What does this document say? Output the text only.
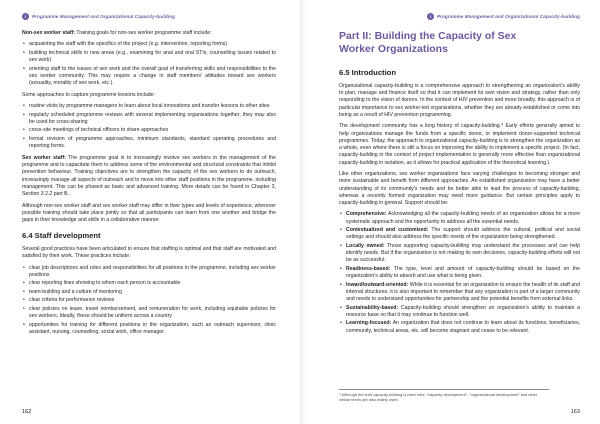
i	Programme Management and Organizational Capacity-building

Non-sex worker staff: Training goals for non-sex worker programme staff include:

• acquainting the staff with the specifics of the project (e.g. intervention, reporting forms)
• building technical skills in new areas (e.g., examining for anal and oral STIs, counselling issues related to sex work)
• orienting staff to the issues of sex work and the overall goal of transferring skills and responsibilities to the sex worker community. This may require a change in staff members' attitudes toward sex workers (sexuality, morality of sex work, etc.).

Some approaches to capture programme lessons include:

• routine visits by programme managers to learn about local innovations and transfer lessons to other sites
• regularly scheduled programme reviews with several implementing organizations together; they may also be used for cross-sharing
• cross-site meetings of technical officers to share approaches
• formal revision of programme approaches, minimum standards, standard operating procedures and reporting forms.

Sex worker staff: The programme goal is to increasingly involve sex workers in the management of the programme and to capacitate them to address some of the environmental and structural constraints that inhibit prevention behaviour. Training objectives are to strengthen the capacity of the sex workers to do outreach, increasingly manage all aspects of outreach and to move into other staff positions in the programme, including management. This can be phased as basic and advanced training. More details can be found in Chapter 3, Section 3.2.2 part B.

Although non-sex worker staff and sex worker staff may differ in their types and levels of experience, wherever possible training should take place jointly so that all participants can learn from one another and bridge the gaps in their knowledge and skills in a collaborative manner.

6.4 Staff development

Several good practices have been articulated to ensure that staffing is optimal and that staff are motivated and satisfied by their work. These practices include:

• clear job descriptions and roles and responsibilities for all positions in the programme, including sex worker positions
• clear reporting lines showing to whom each person is accountable
• team-building and a culture of mentoring
• clear criteria for performance reviews
• clear policies on leave, travel reimbursement, and remuneration for work, including equitable policies for sex workers. Ideally, these should be uniform across a country
• opportunities for training for different positions in the organization, such as outreach supervisor, clinic assistant, nursing, counselling, social work, office manager.
162
i	Programme Management and Organizational Capacity-building
Part II: Building the Capacity of Sex Worker Organizations
6.5 Introduction

Organizational capacity-building is a comprehensive approach to strengthening an organization's ability to plan, manage and finance itself so that it can implement its own vision and strategy, rather than only responding to the vision of donors. In the context of HIV prevention and more broadly, this approach is of particular importance to sex worker-led organizations, whether they are already established or come into being as a result of HIV prevention programming.

The development community has a long history of capacity-building.⁹ Early efforts generally aimed to help organizations manage the funds from a specific donor, or implement donor-supported technical programmes. Today, the approach to organizational capacity-building is to strengthen the organization as a whole, even where there is still a focus on improving the ability to implement a specific project. (In fact, capacity-building in the context of project implementation is generally more effective than organizational capacity-building in isolation, as it allows for practical application of the theoretical learning.)

Like other organizations, sex worker organizations face varying challenges to becoming stronger and more sustainable and benefit from different approaches. An established organization may have a better understanding of its community's needs and be better able to lead the process of capacity-building, whereas a recently formed organization may need more guidance. But certain principles apply to capacity-building in general. Support should be:

• Comprehensive: Acknowledging all the capacity-building needs of an organization allows for a more systematic approach and the opportunity to address all the essential needs.
• Contextualized and customized: The support should address the cultural, political and social settings and should also address the specific needs of the organization being strengthened.
• Locally owned: Those supporting capacity-building may understand the processes and can help identify needs. But if the organization is not making its own decisions, capacity-building efforts will not be as successful.
• Readiness-based: The type, level and amount of capacity-building should be based on the organization's ability to absorb and use what is being given.
• Inward/outward-oriented: While it is essential for an organization to ensure the health of its staff and internal structures, it is also important to remember that any organization is part of a larger community and needs to understand opportunities for partnership and the potential benefits from external links.
• Sustainability-based: Capacity-building should strengthen an organization's ability to maintain a resource base so that it may continue to function well.
• Learning-focused: An organization that does not continue to learn about its functions, beneficiaries, community, technical areas, etc. will become stagnant and cease to be relevant.
⁹ Although the term capacity-building is used here, "capacity development", "organizational development" and other similar terms are also widely used.
163
